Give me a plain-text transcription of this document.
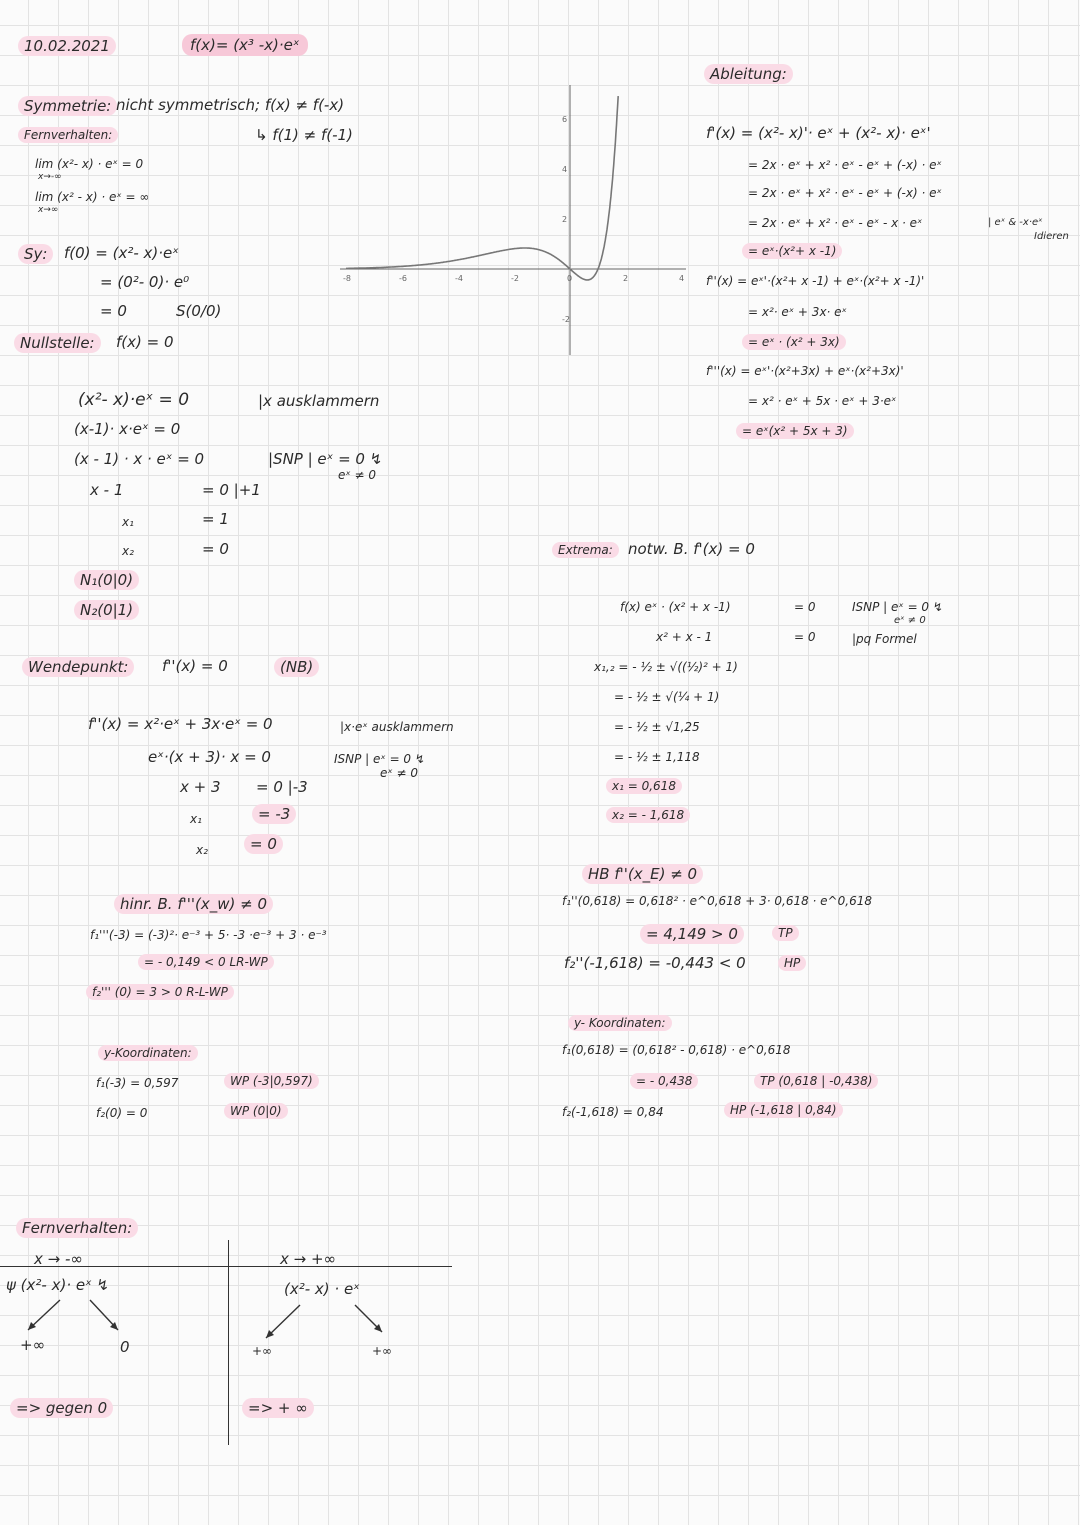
10.02.2021	f(x)= (x³ -x)·eˣ
Symmetrie: nicht symmetrisch; f(x) ≠ f(-x)
↳ f(1) ≠ f(-1)
Fernverhalten:
lim (x²- x) · eˣ = 0
x→-∞
lim (x² - x) · eˣ = ∞
x→∞
Sy:	f(0) = (x²- x)·eˣ
= (0²- 0)· e⁰
= 0	S(0/0)
Nullstelle:	f(x) = 0
(x²- x)·eˣ = 0	|x ausklammern
(x-1)· x·eˣ = 0
(x - 1) · x · eˣ = 0	|SNP | eˣ = 0 ↯
eˣ ≠ 0
x - 1	= 0 |+1
x₁	= 1
x₂	= 0
N₁(0|0)
N₂(0|1)
Wendepunkt:	f''(x) = 0	(NB)
f''(x) = x²·eˣ + 3x·eˣ = 0	|x·eˣ ausklammern
eˣ·(x + 3)· x = 0	ISNP | eˣ = 0 ↯
eˣ ≠ 0
x + 3 = 0 |-3
x₁	= -3
x₂	= 0
hinr. B. f'''(x_w) ≠ 0
f₁'''(-3) = (-3)²· e⁻³ + 5· -3 ·e⁻³ + 3 · e⁻³
= - 0,149 < 0 LR-WP
f₂''' (0) = 3 > 0 R-L-WP
y-Koordinaten:
f₁(-3) = 0,597	WP (-3|0,597)
f₂(0) = 0	WP (0|0)
Fernverhalten:
x → -∞
ψ (x²- x)· eˣ ↯
+∞	0
=> gegen 0
x → +∞
(x²- x) · eˣ
+∞	+∞
=> + ∞
-8	-6	-4	-2	0	2	4
6
4
2
-2
Ableitung:
f'(x) = (x²- x)'· eˣ + (x²- x)· eˣ'
= 2x · eˣ + x² · eˣ - eˣ + (-x) · eˣ
= 2x · eˣ + x² · eˣ - eˣ + (-x) · eˣ
= 2x · eˣ + x² · eˣ - eˣ - x · eˣ	| eˣ & -x·eˣ
Idieren
= eˣ·(x²+ x -1)
f''(x) = eˣ'·(x²+ x -1) + eˣ·(x²+ x -1)'
= x²· eˣ + 3x· eˣ
= eˣ · (x² + 3x)
f'''(x) = eˣ'·(x²+3x) + eˣ·(x²+3x)'
= x² · eˣ + 5x · eˣ + 3·eˣ
= eˣ(x² + 5x + 3)
Extrema:	notw. B. f'(x) = 0
f(x) eˣ · (x² + x -1)	= 0	ISNP | eˣ = 0 ↯
eˣ ≠ 0
x² + x - 1	= 0	|pq Formel
x₁,₂ = - ½ ± √((½)² + 1)
= - ½ ± √(¼ + 1)
= - ½ ± √1,25
= - ½ ± 1,118
x₁ = 0,618
x₂ = - 1,618
HB f''(x_E) ≠ 0
f₁''(0,618) = 0,618² · e^0,618 + 3· 0,618 · e^0,618
= 4,149 > 0	TP
f₂''(-1,618) = -0,443 < 0	HP
y- Koordinaten:
f₁(0,618) = (0,618² - 0,618) · e^0,618
= - 0,438	TP (0,618 | -0,438)
f₂(-1,618) = 0,84	HP (-1,618 | 0,84)
